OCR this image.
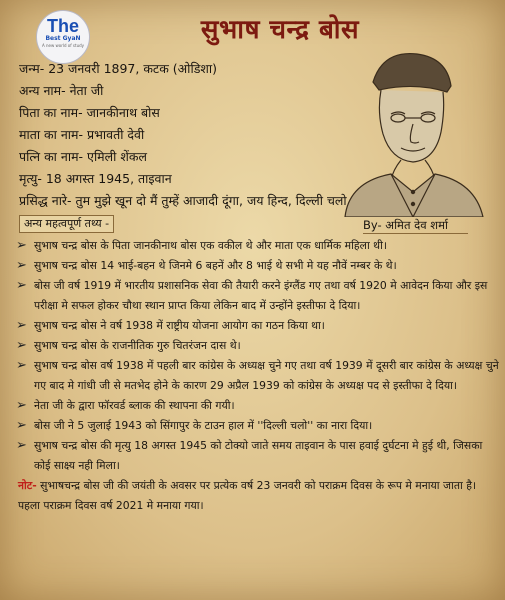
The
Best GyaN
A new world of study
सुभाष चन्द्र बोस
जन्म- 23 जनवरी 1897, कटक (ओडिशा)
अन्य नाम- नेता जी
पिता का नाम- जानकीनाथ बोस
माता का नाम- प्रभावती देवी
पत्नि का नाम- एमिली शेंकल
मृत्यु- 18 अगस्त 1945, ताइवान
प्रसिद्ध नारे- तुम मुझे खून दो मैं तुम्हें आजादी दूंगा, जय हिन्द, दिल्ली चलो
अन्य महत्वपूर्ण तथ्य -	By- अमित देव शर्मा
➢ सुभाष चन्द्र बोस के पिता जानकीनाथ बोस एक वकील थे और माता एक धार्मिक महिला थी।
➢ सुभाष चन्द्र बोस 14 भाई-बहन थे जिनमे 6 बहनें और 8 भाई थे सभी मे यह नौवें नम्बर के थे।
➢ बोस जी वर्ष 1919 में भारतीय प्रशासनिक सेवा की तैयारी करने इंग्लैंड गए तथा वर्ष 1920 मे आवेदन किया और इस परीक्षा मे सफल होकर चौथा स्थान प्राप्त किया लेकिन बाद में उन्होंने इस्तीफा दे दिया।
➢ सुभाष चन्द्र बोस ने वर्ष 1938 में राष्ट्रीय योजना आयोग का गठन किया था।
➢ सुभाष चन्द्र बोस के राजनीतिक गुरु चितरंजन दास थे।
➢ सुभाष चन्द्र बोस वर्ष 1938 में पहली बार कांग्रेस के अध्यक्ष चुने गए तथा वर्ष 1939 में दूसरी बार कांग्रेस के अध्यक्ष चुने गए बाद मे गांधी जी से मतभेद होने के कारण 29 अप्रैल 1939 को कांग्रेस के अध्यक्ष पद से इस्तीफा दे दिया।
➢ नेता जी के द्वारा फॉरवर्ड ब्लाक की स्थापना की गयी।
➢ बोस जी ने 5 जुलाई 1943 को सिंगापुर के टाउन हाल में ''दिल्ली चलो'' का नारा दिया।
➢ सुभाष चन्द्र बोस की मृत्यु 18 अगस्त 1945 को टोक्यो जाते समय ताइवान के पास हवाई दुर्घटना मे हुई थी, जिसका कोई साक्ष्य नही मिला।
नोट- सुभाषचन्द्र बोस जी की जयंती के अवसर पर प्रत्येक वर्ष 23 जनवरी को पराक्रम दिवस के रूप मे मनाया जाता है। पहला पराक्रम दिवस वर्ष 2021 मे मनाया गया।
